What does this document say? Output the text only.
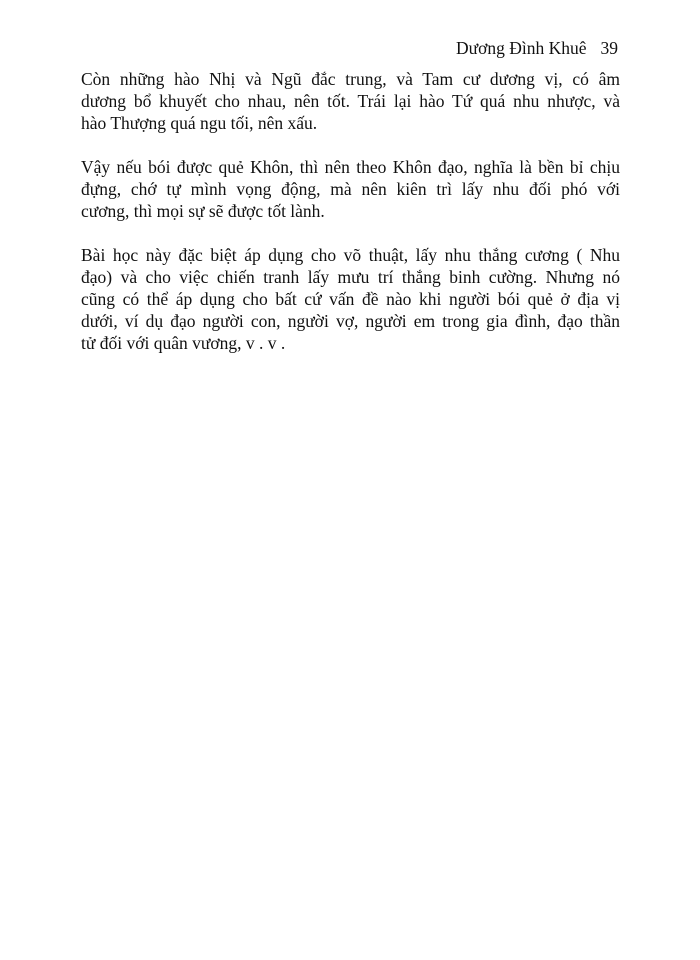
Dương Đình Khuê 39
Còn những hào Nhị và Ngũ đắc trung, và Tam cư dương vị, có âm
dương bổ khuyết cho nhau, nên tốt. Trái lại hào Tứ quá nhu nhược, và
hào Thượng quá ngu tối, nên xấu.
Vậy nếu bói được quẻ Khôn, thì nên theo Khôn đạo, nghĩa là bền bỉ chịu
đựng, chớ tự mình vọng động, mà nên kiên trì lấy nhu đối phó với
cương, thì mọi sự sẽ được tốt lành.
Bài học này đặc biệt áp dụng cho võ thuật, lấy nhu thắng cương ( Nhu
đạo) và cho việc chiến tranh lấy mưu trí thắng binh cường. Nhưng nó
cũng có thể áp dụng cho bất cứ vấn đề nào khi người bói quẻ ở địa vị
dưới, ví dụ đạo người con, người vợ, người em trong gia đình, đạo thần
tử đối với quân vương, v . v .
